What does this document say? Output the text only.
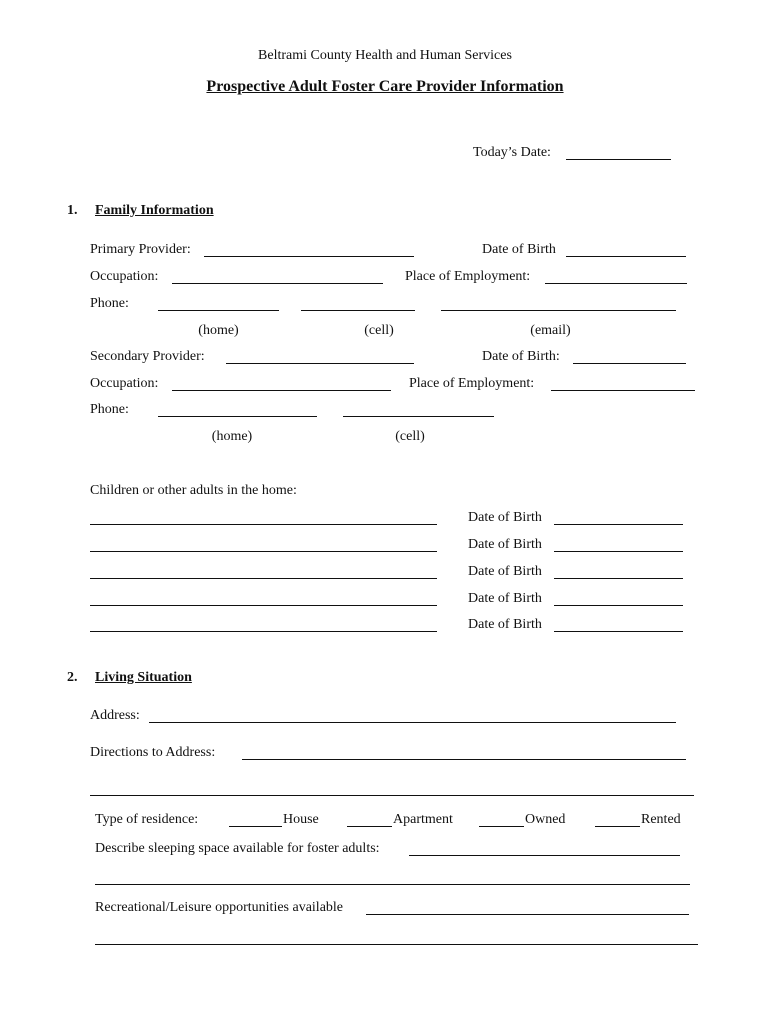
Beltrami County Health and Human Services
Prospective Adult Foster Care Provider Information
Today’s Date:
1. Family Information
Primary Provider:	Date of Birth
Occupation:	Place of Employment:
Phone:
(home)	(cell)	(email)
Secondary Provider:	Date of Birth:
Occupation:	Place of Employment:
Phone:
(home)	(cell)
Children or other adults in the home:
Date of Birth
Date of Birth
Date of Birth
Date of Birth
Date of Birth
2. Living Situation
Address:
Directions to Address:
Type of residence:	House	Apartment	Owned	Rented
Describe sleeping space available for foster adults:
Recreational/Leisure opportunities available
